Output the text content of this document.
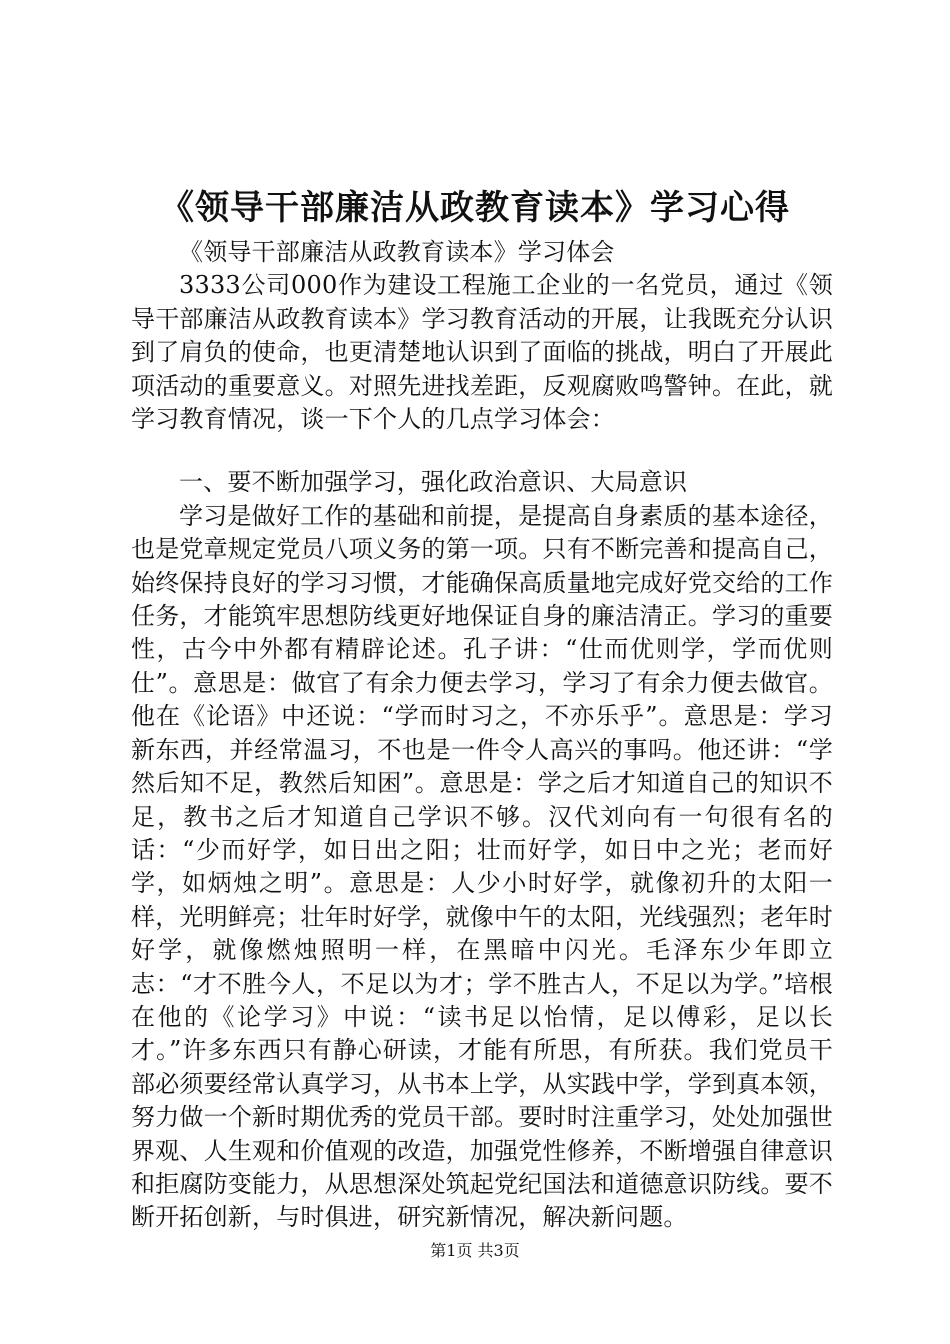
《领导干部廉洁从政教育读本》学习心得

《领导干部廉洁从政教育读本》学习体会

3333公司000作为建设工程施工企业的一名党员，通过《领导干部廉洁从政教育读本》学习教育活动的开展，让我既充分认识到了肩负的使命，也更清楚地认识到了面临的挑战，明白了开展此项活动的重要意义。对照先进找差距，反观腐败鸣警钟。在此，就学习教育情况，谈一下个人的几点学习体会：

一、要不断加强学习，强化政治意识、大局意识

学习是做好工作的基础和前提，是提高自身素质的基本途径，也是党章规定党员八项义务的第一项。只有不断完善和提高自己，始终保持良好的学习习惯，才能确保高质量地完成好党交给的工作任务，才能筑牢思想防线更好地保证自身的廉洁清正。学习的重要性，古今中外都有精辟论述。孔子讲：“仕而优则学，学而优则仕”。意思是：做官了有余力便去学习，学习了有余力便去做官。他在《论语》中还说：“学而时习之，不亦乐乎”。意思是：学习新东西，并经常温习，不也是一件令人高兴的事吗。他还讲：“学然后知不足，教然后知困”。意思是：学之后才知道自己的知识不足，教书之后才知道自己学识不够。汉代刘向有一句很有名的话：“少而好学，如日出之阳；壮而好学，如日中之光；老而好学，如炳烛之明”。意思是：人少小时好学，就像初升的太阳一样，光明鲜亮；壮年时好学，就像中午的太阳，光线强烈；老年时好学，就像燃烛照明一样，在黑暗中闪光。毛泽东少年即立志：“才不胜今人，不足以为才；学不胜古人，不足以为学。”培根在他的《论学习》中说：“读书足以怡情，足以傅彩，足以长才。”许多东西只有静心研读，才能有所思，有所获。我们党员干部必须要经常认真学习，从书本上学，从实践中学，学到真本领，努力做一个新时期优秀的党员干部。要时时注重学习，处处加强世界观、人生观和价值观的改造，加强党性修养，不断增强自律意识和拒腐防变能力，从思想深处筑起党纪国法和道德意识防线。要不断开拓创新，与时俱进，研究新情况，解决新问题。

第1页 共3页
